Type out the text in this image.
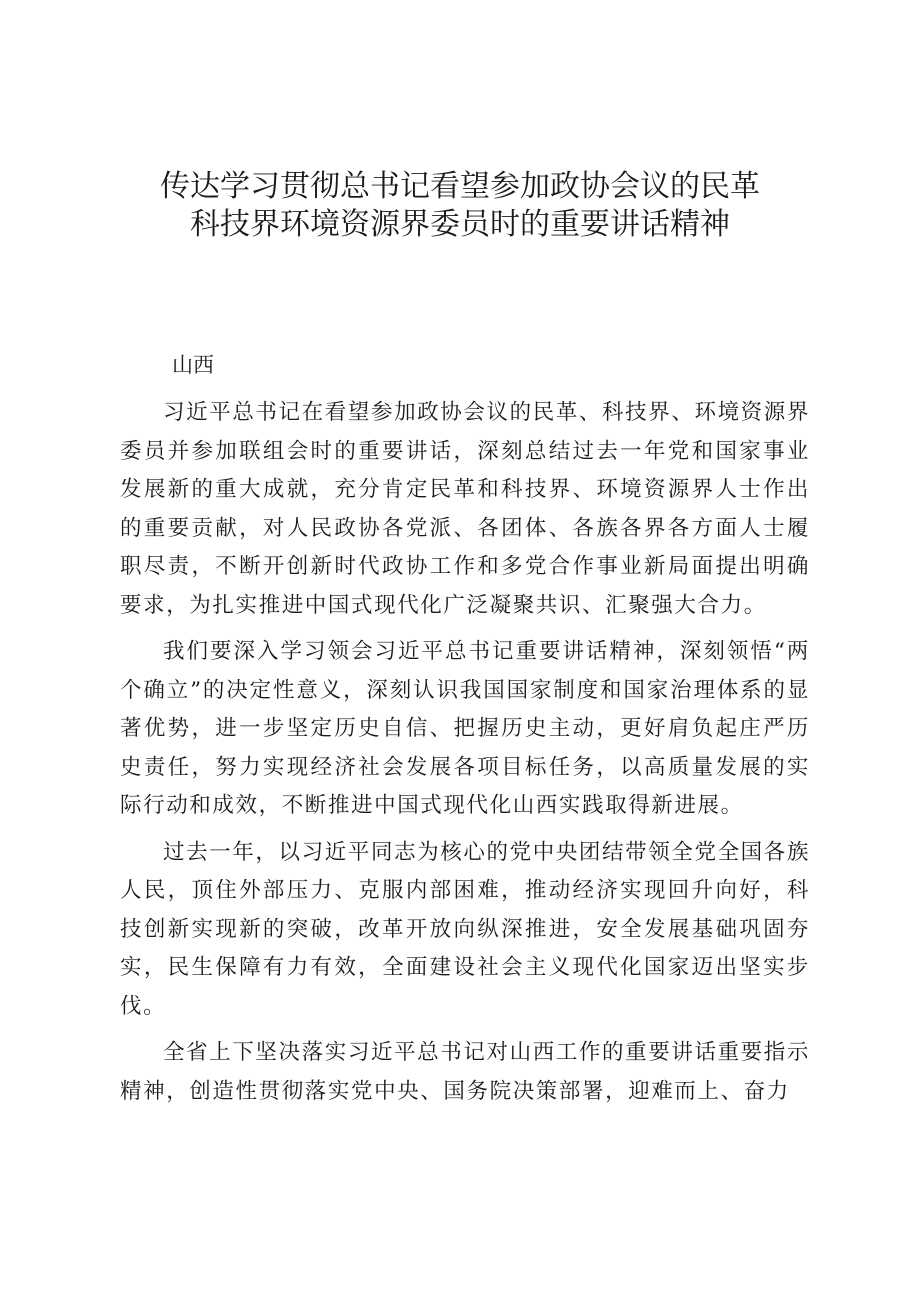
传达学习贯彻总书记看望参加政协会议的民革
科技界环境资源界委员时的重要讲话精神
山西

习近平总书记在看望参加政协会议的民革、科技界、环境资源界委员并参加联组会时的重要讲话，深刻总结过去一年党和国家事业发展新的重大成就，充分肯定民革和科技界、环境资源界人士作出的重要贡献，对人民政协各党派、各团体、各族各界各方面人士履职尽责，不断开创新时代政协工作和多党合作事业新局面提出明确要求，为扎实推进中国式现代化广泛凝聚共识、汇聚强大合力。

我们要深入学习领会习近平总书记重要讲话精神，深刻领悟“两个确立”的决定性意义，深刻认识我国国家制度和国家治理体系的显著优势，进一步坚定历史自信、把握历史主动，更好肩负起庄严历史责任，努力实现经济社会发展各项目标任务，以高质量发展的实际行动和成效，不断推进中国式现代化山西实践取得新进展。

过去一年，以习近平同志为核心的党中央团结带领全党全国各族人民，顶住外部压力、克服内部困难，推动经济实现回升向好，科技创新实现新的突破，改革开放向纵深推进，安全发展基础巩固夯实，民生保障有力有效，全面建设社会主义现代化国家迈出坚实步伐。

全省上下坚决落实习近平总书记对山西工作的重要讲话重要指示精神，创造性贯彻落实党中央、国务院决策部署，迎难而上、奋力
